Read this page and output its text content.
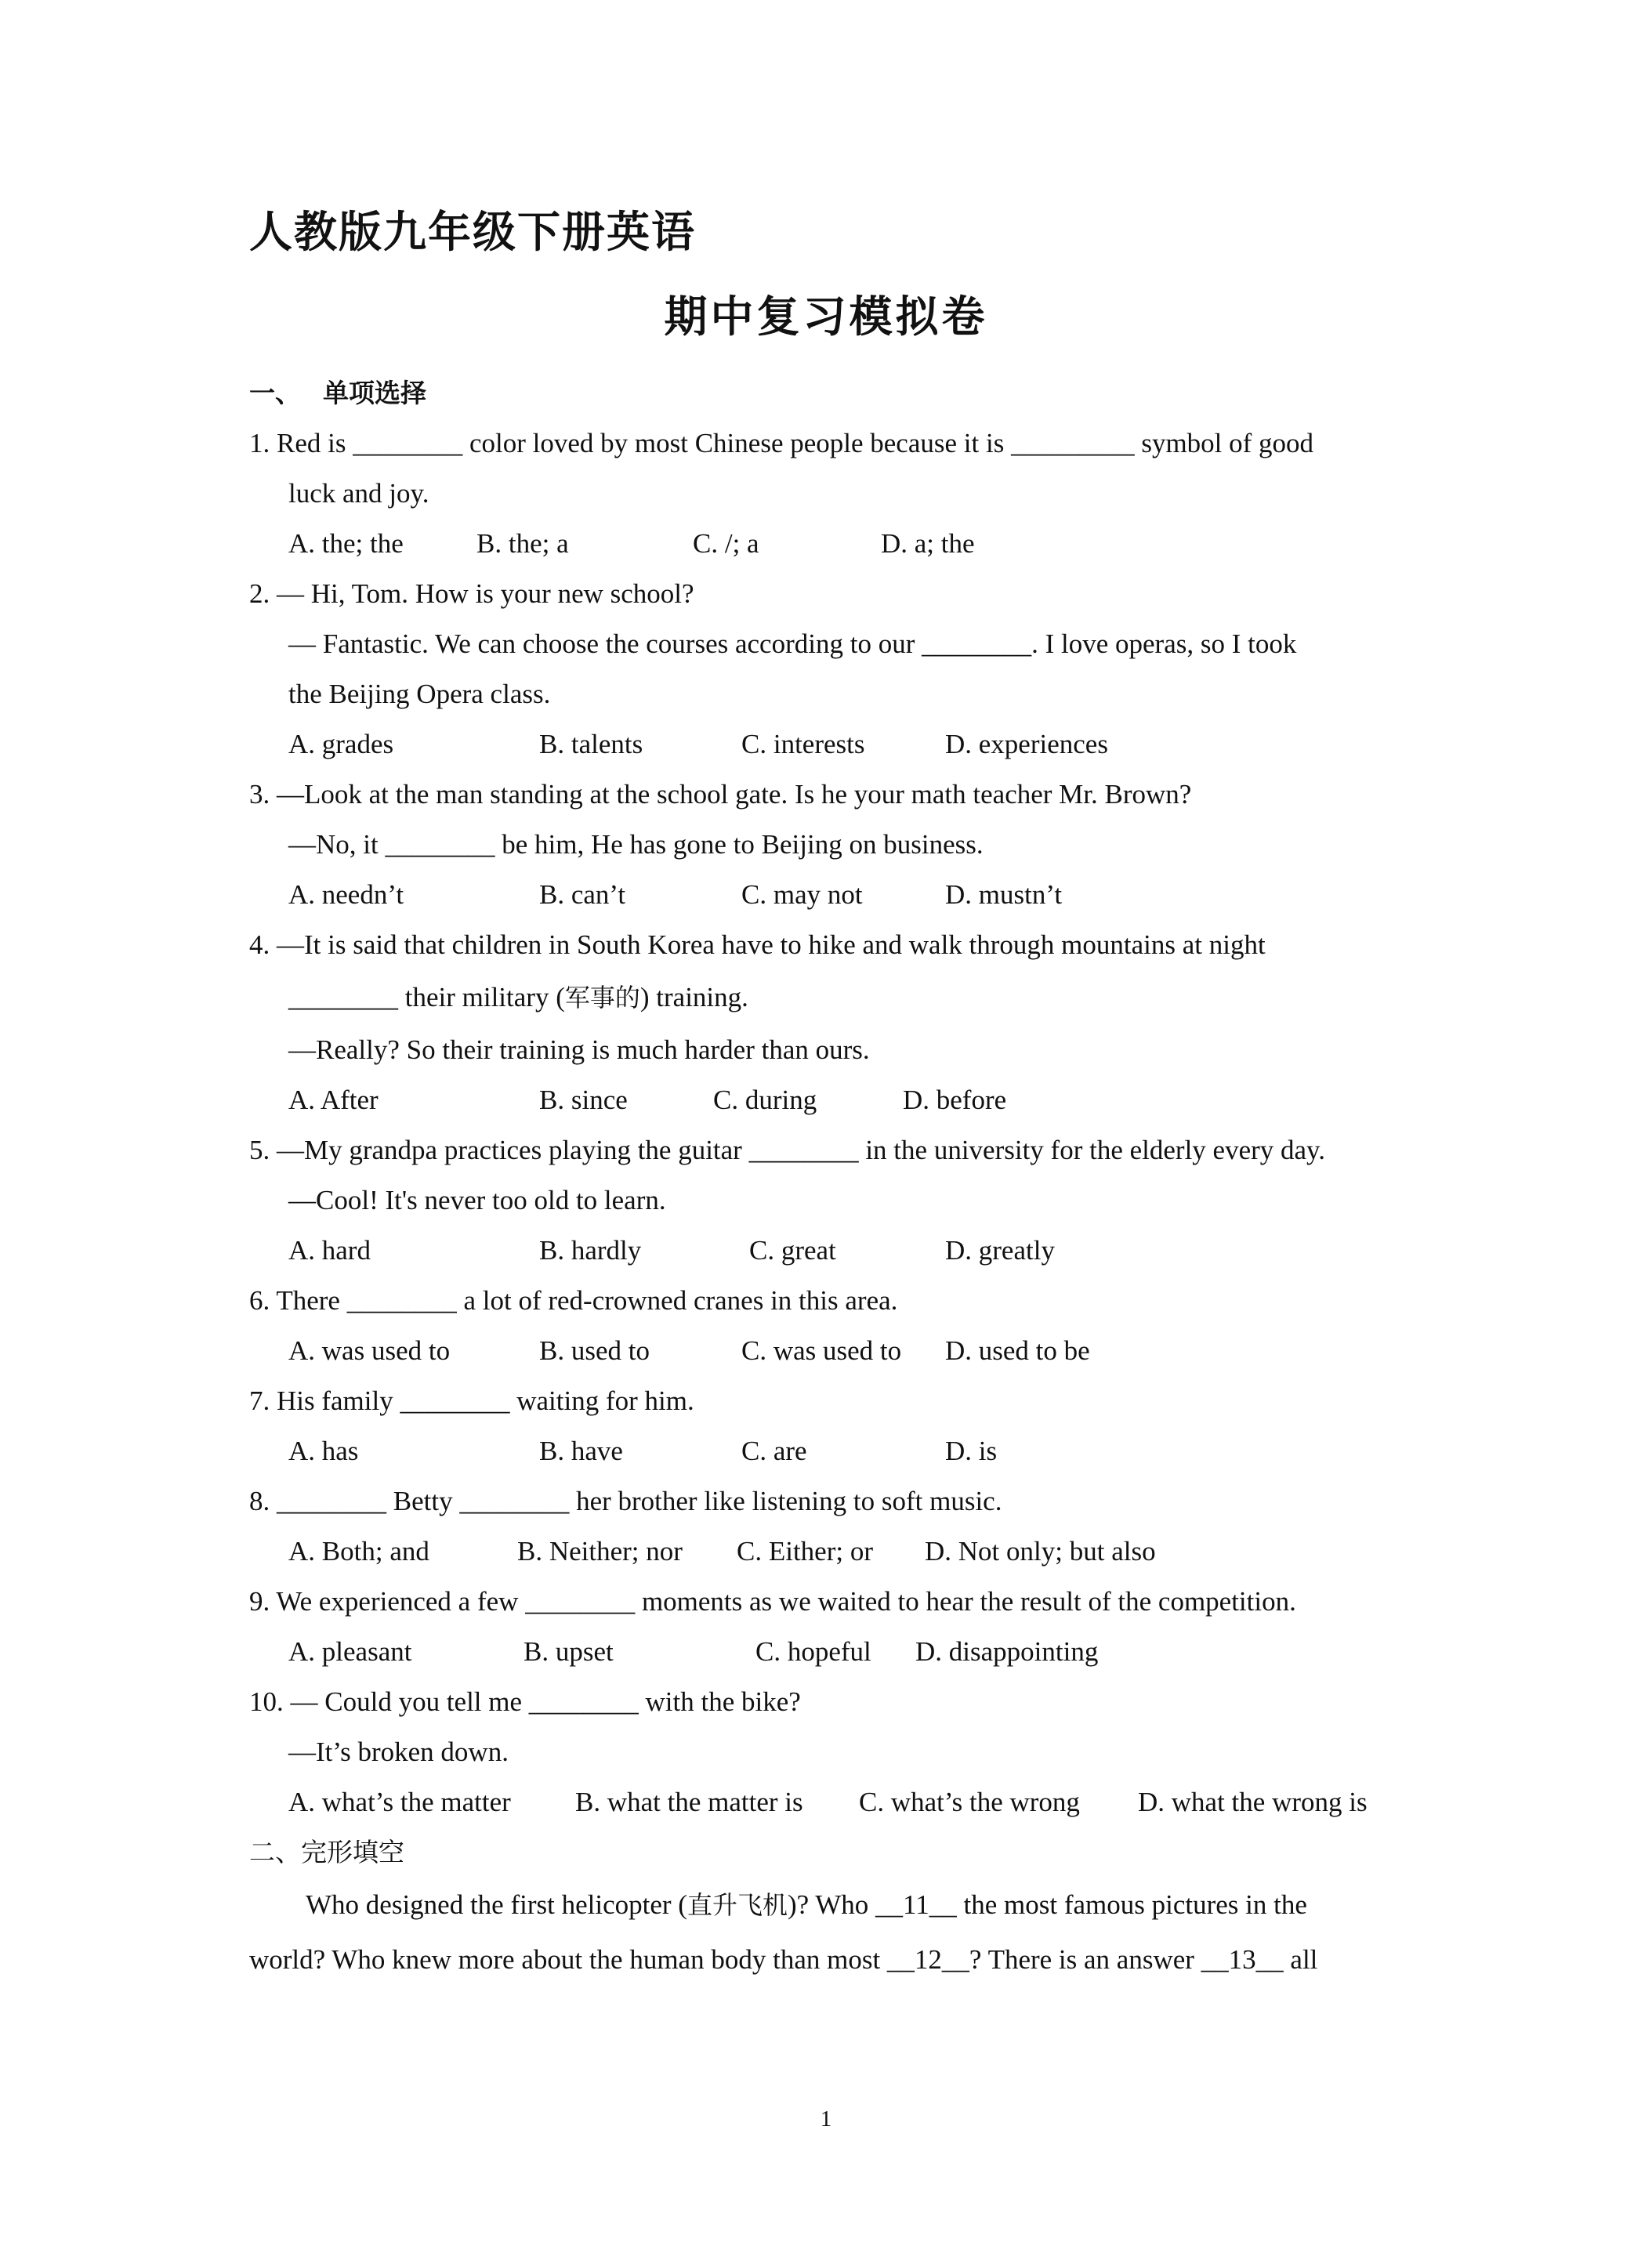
人教版九年级下册英语
期中复习模拟卷
一、 单项选择
1. Red is ________ color loved by most Chinese people because it is _________ symbol of good
luck and joy.
A. the; the	B. the; a	C. /; a	D. a; the
2. — Hi, Tom. How is your new school?
— Fantastic. We can choose the courses according to our ________. I love operas, so I took
the Beijing Opera class.
A. grades	B. talents	C. interests	D. experiences
3. —Look at the man standing at the school gate. Is he your math teacher Mr. Brown?
—No, it ________ be him, He has gone to Beijing on business.
A. needn’t	B. can’t	C. may not	D. mustn’t
4. —It is said that children in South Korea have to hike and walk through mountains at night
________ their military (军事的) training.
—Really? So their training is much harder than ours.
A. After	B. since	C. during	D. before
5. —My grandpa practices playing the guitar ________ in the university for the elderly every day.
—Cool! It's never too old to learn.
A. hard	B. hardly	C. great	D. greatly
6. There ________ a lot of red-crowned cranes in this area.
A. was used to	B. used to	C. was used to D. used to be
7. His family ________ waiting for him.
A. has	B. have	C. are	D. is
8. ________ Betty ________ her brother like listening to soft music.
A. Both; and	B. Neither; nor C. Either; or D. Not only; but also
9. We experienced a few ________ moments as we waited to hear the result of the competition.
A. pleasant	B. upset	C. hopeful D. disappointing
10. — Could you tell me ________ with the bike?
—It’s broken down.
A. what’s the matter B. what the matter is C. what’s the wrong D. what the wrong is
二、完形填空
Who designed the first helicopter (直升飞机)? Who __11__ the most famous pictures in the
world? Who knew more about the human body than most __12__? There is an answer __13__ all
1
